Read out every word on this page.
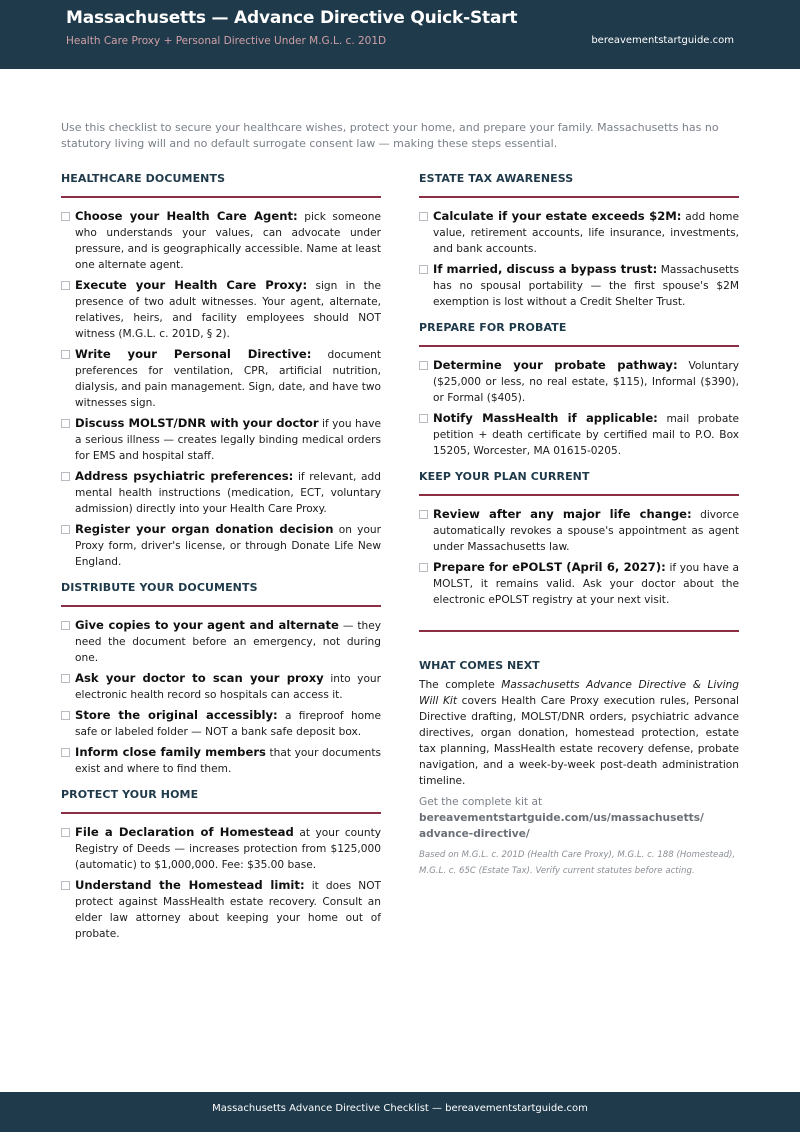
Massachusetts — Advance Directive Quick-Start
Health Care Proxy + Personal Directive Under M.G.L. c. 201D	bereavementstartguide.com
Use this checklist to secure your healthcare wishes, protect your home, and prepare your family. Massachusetts has no statutory living will and no default surrogate consent law — making these steps essential.
HEALTHCARE DOCUMENTS
Choose your Health Care Agent: pick someone who understands your values, can advocate under pressure, and is geographically accessible. Name at least one alternate agent.
Execute your Health Care Proxy: sign in the presence of two adult witnesses. Your agent, alternate, relatives, heirs, and facility employees should NOT witness (M.G.L. c. 201D, § 2).
Write your Personal Directive: document preferences for ventilation, CPR, artificial nutrition, dialysis, and pain management. Sign, date, and have two witnesses sign.
Discuss MOLST/DNR with your doctor if you have a serious illness — creates legally binding medical orders for EMS and hospital staff.
Address psychiatric preferences: if relevant, add mental health instructions (medication, ECT, voluntary admission) directly into your Health Care Proxy.
Register your organ donation decision on your Proxy form, driver's license, or through Donate Life New England.
DISTRIBUTE YOUR DOCUMENTS
Give copies to your agent and alternate — they need the document before an emergency, not during one.
Ask your doctor to scan your proxy into your electronic health record so hospitals can access it.
Store the original accessibly: a fireproof home safe or labeled folder — NOT a bank safe deposit box.
Inform close family members that your documents exist and where to find them.
PROTECT YOUR HOME
File a Declaration of Homestead at your county Registry of Deeds — increases protection from $125,000 (automatic) to $1,000,000. Fee: $35.00 base.
Understand the Homestead limit: it does NOT protect against MassHealth estate recovery. Consult an elder law attorney about keeping your home out of probate.
ESTATE TAX AWARENESS
Calculate if your estate exceeds $2M: add home value, retirement accounts, life insurance, investments, and bank accounts.
If married, discuss a bypass trust: Massachusetts has no spousal portability — the first spouse's $2M exemption is lost without a Credit Shelter Trust.
PREPARE FOR PROBATE
Determine your probate pathway: Voluntary ($25,000 or less, no real estate, $115), Informal ($390), or Formal ($405).
Notify MassHealth if applicable: mail probate petition + death certificate by certified mail to P.O. Box 15205, Worcester, MA 01615-0205.
KEEP YOUR PLAN CURRENT
Review after any major life change: divorce automatically revokes a spouse's appointment as agent under Massachusetts law.
Prepare for ePOLST (April 6, 2027): if you have a MOLST, it remains valid. Ask your doctor about the electronic ePOLST registry at your next visit.
WHAT COMES NEXT
The complete Massachusetts Advance Directive & Living Will Kit covers Health Care Proxy execution rules, Personal Directive drafting, MOLST/DNR orders, psychiatric advance directives, organ donation, homestead protection, estate tax planning, MassHealth estate recovery defense, probate navigation, and a week-by-week post-death administration timeline.
Get the complete kit at
bereavementstartguide.com/us/massachusetts/ advance-directive/
Based on M.G.L. c. 201D (Health Care Proxy), M.G.L. c. 188 (Homestead), M.G.L. c. 65C (Estate Tax). Verify current statutes before acting.
Massachusetts Advance Directive Checklist — bereavementstartguide.com
